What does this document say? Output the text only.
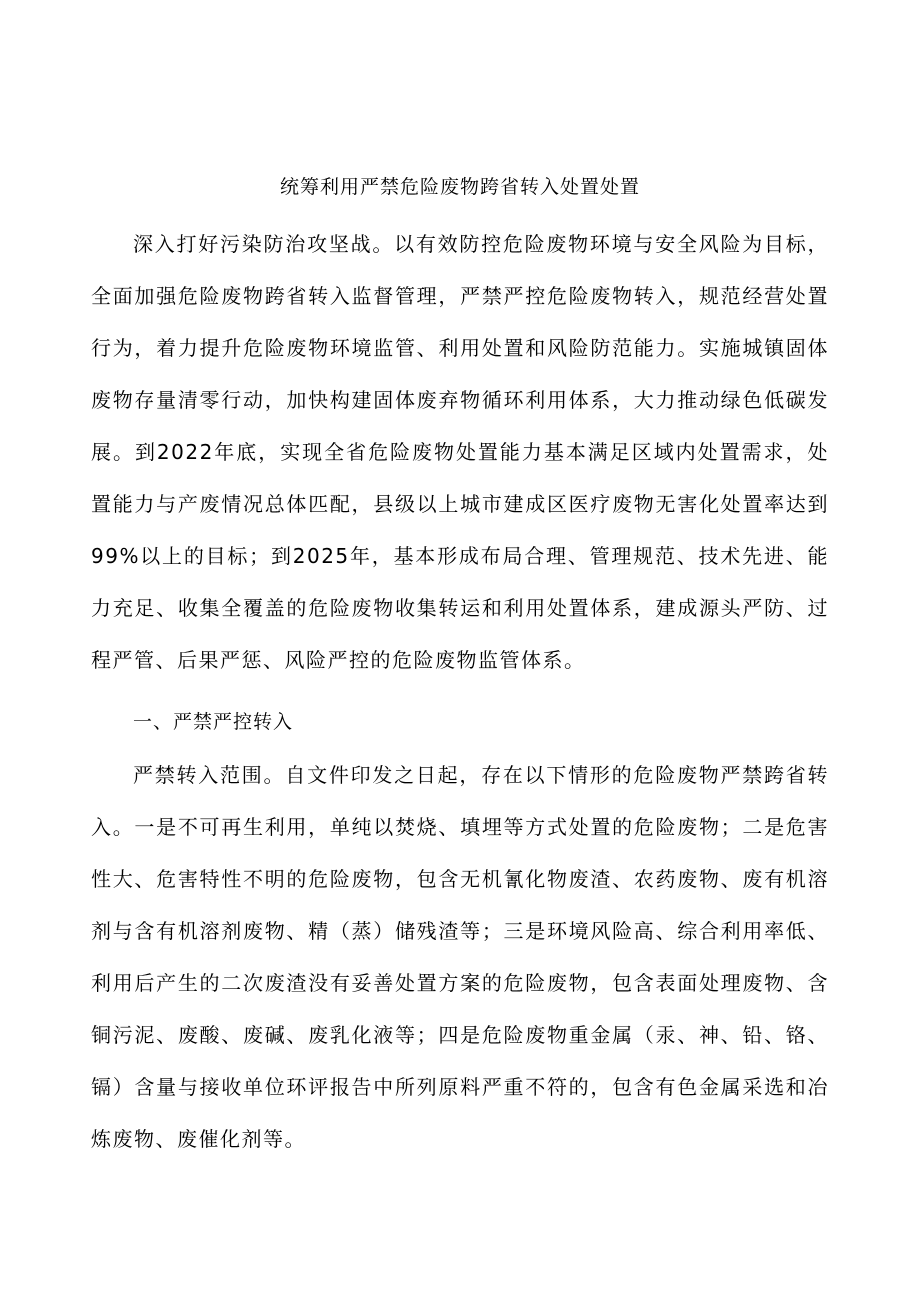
统筹利用严禁危险废物跨省转入处置处置

深入打好污染防治攻坚战。以有效防控危险废物环境与安全风险为目标，全面加强危险废物跨省转入监督管理，严禁严控危险废物转入，规范经营处置行为，着力提升危险废物环境监管、利用处置和风险防范能力。实施城镇固体废物存量清零行动，加快构建固体废弃物循环利用体系，大力推动绿色低碳发展。到2022年底，实现全省危险废物处置能力基本满足区域内处置需求，处置能力与产废情况总体匹配，县级以上城市建成区医疗废物无害化处置率达到99%以上的目标；到2025年，基本形成布局合理、管理规范、技术先进、能力充足、收集全覆盖的危险废物收集转运和利用处置体系，建成源头严防、过程严管、后果严惩、风险严控的危险废物监管体系。

一、严禁严控转入

严禁转入范围。自文件印发之日起，存在以下情形的危险废物严禁跨省转入。一是不可再生利用，单纯以焚烧、填埋等方式处置的危险废物；二是危害性大、危害特性不明的危险废物，包含无机氰化物废渣、农药废物、废有机溶剂与含有机溶剂废物、精（蒸）储残渣等；三是环境风险高、综合利用率低、利用后产生的二次废渣没有妥善处置方案的危险废物，包含表面处理废物、含铜污泥、废酸、废碱、废乳化液等；四是危险废物重金属（汞、神、铅、铬、镉）含量与接收单位环评报告中所列原料严重不符的，包含有色金属采选和冶炼废物、废催化剂等。
